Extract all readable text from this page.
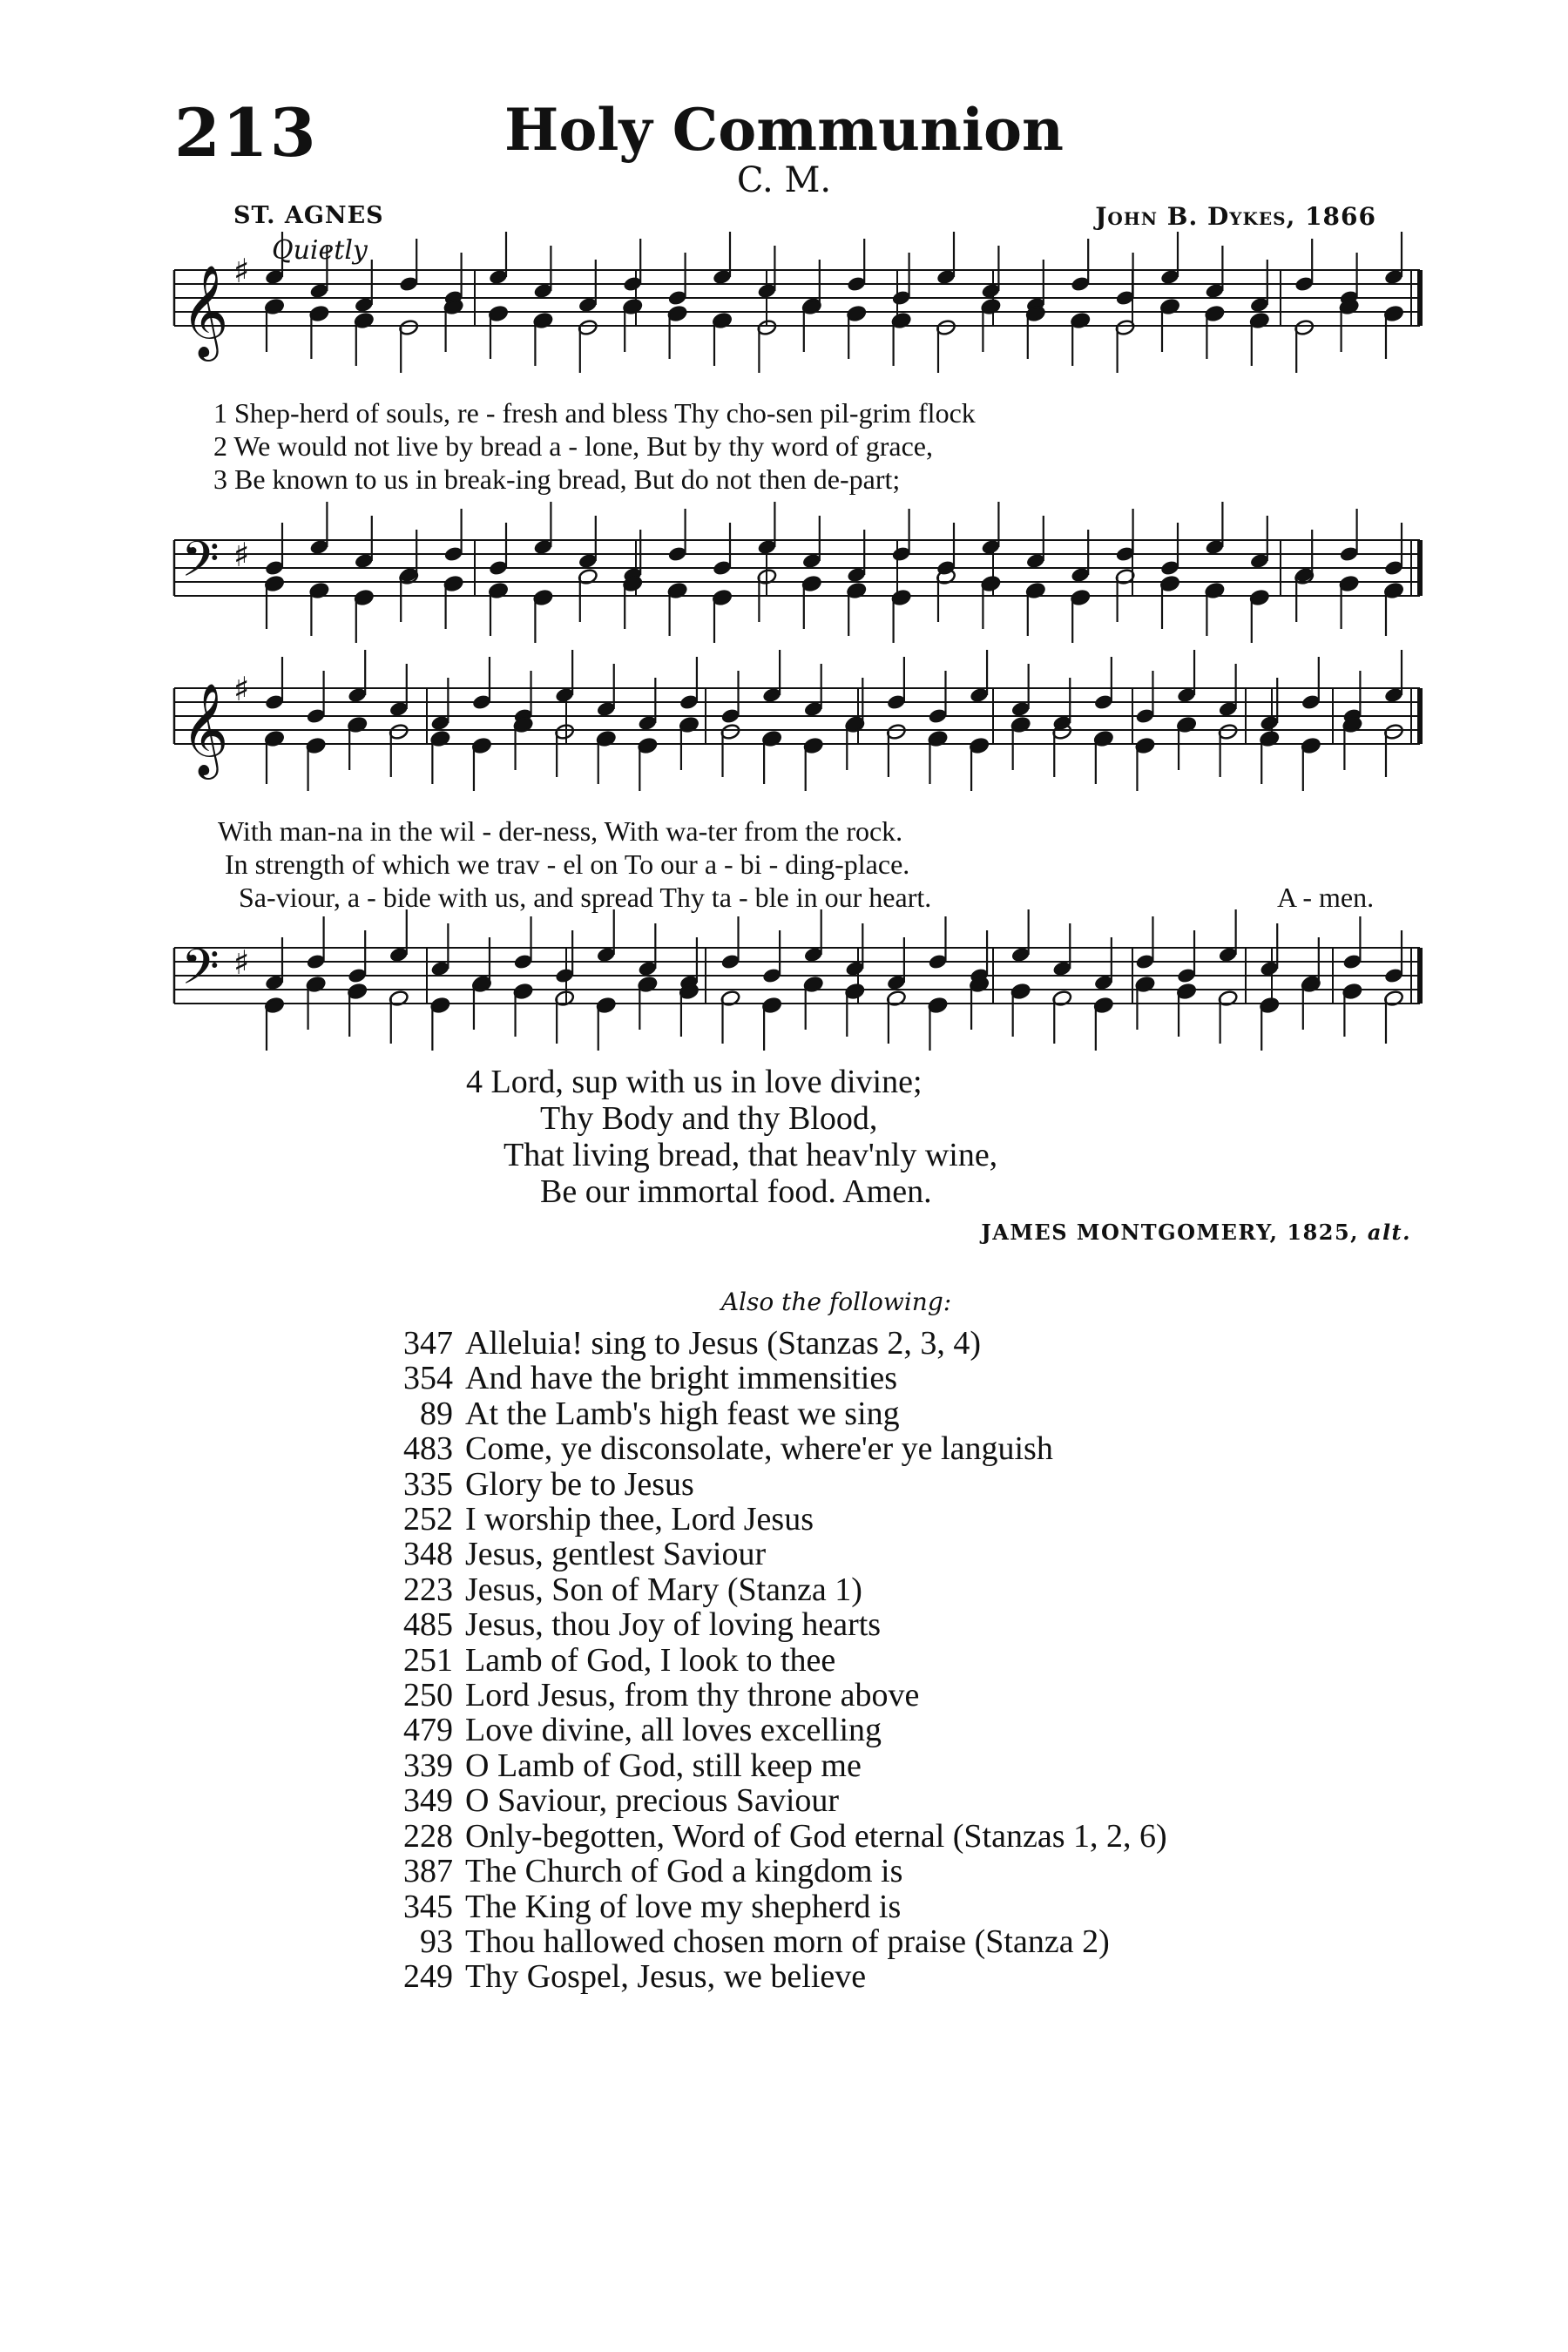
213	Holy Communion
C. M.
ST. AGNES	John B. Dykes, 1866
Quietly
𝄞 ♯
𝄢 ♯
𝄞 ♯
𝄢 ♯
1 Shep-herd of souls, re - fresh and bless Thy cho-sen pil-grim flock
2 We would not live by bread a - lone, But by thy word of grace,
3 Be known to us in break-ing bread, But do not then de-part;
With man-na in the wil - der-ness, With wa-ter from the rock.
In strength of which we trav - el on To our a - bi - ding-place.
Sa-viour, a - bide with us, and spread Thy ta - ble in our heart.	A - men.
4 Lord, sup with us in love divine;
Thy Body and thy Blood,
That living bread, that heav'nly wine,
Be our immortal food. Amen.
JAMES MONTGOMERY, 1825, alt.
Also the following:
347 Alleluia! sing to Jesus (Stanzas 2, 3, 4)
354 And have the bright immensities
89 At the Lamb's high feast we sing
483 Come, ye disconsolate, where'er ye languish
335 Glory be to Jesus
252 I worship thee, Lord Jesus
348 Jesus, gentlest Saviour
223 Jesus, Son of Mary (Stanza 1)
485 Jesus, thou Joy of loving hearts
251 Lamb of God, I look to thee
250 Lord Jesus, from thy throne above
479 Love divine, all loves excelling
339 O Lamb of God, still keep me
349 O Saviour, precious Saviour
228 Only-begotten, Word of God eternal (Stanzas 1, 2, 6)
387 The Church of God a kingdom is
345 The King of love my shepherd is
93 Thou hallowed chosen morn of praise (Stanza 2)
249 Thy Gospel, Jesus, we believe
